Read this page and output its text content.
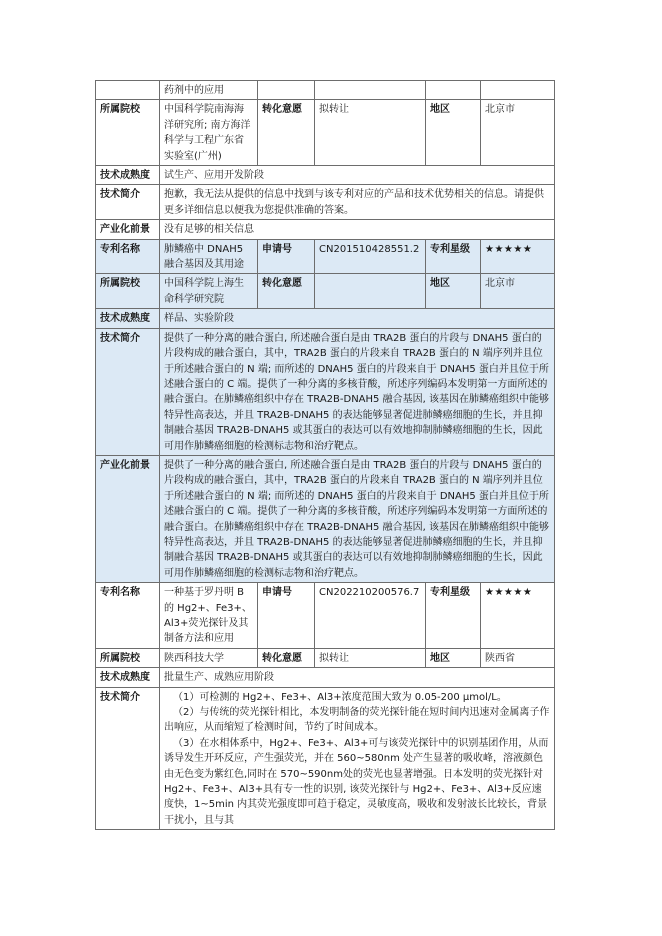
	药剂中的应用				
所属院校	中国科学院南海海洋研究所; 南方海洋科学与工程广东省实验室(广州)	转化意愿	拟转让	地区	北京市
技术成熟度	试生产、应用开发阶段				
技术简介	抱歉，我无法从提供的信息中找到与该专利对应的产品和技术优势相关的信息。请提供更多详细信息以便我为您提供准确的答案。				
产业化前景	没有足够的相关信息				
专利名称	肺鳞癌中 DNAH5 融合基因及其用途	申请号	CN201510428551.2	专利星级	★★★★★
所属院校	中国科学院上海生命科学研究院	转化意愿		地区	北京市
技术成熟度	样品、实验阶段				
技术简介	提供了一种分离的融合蛋白, 所述融合蛋白是由 TRA2B 蛋白的片段与 DNAH5 蛋白的片段构成的融合蛋白，其中，TRA2B 蛋白的片段来自 TRA2B 蛋白的 N 端序列并且位于所述融合蛋白的 N 端; 而所述的 DNAH5 蛋白的片段来自于 DNAH5 蛋白并且位于所述融合蛋白的 C 端。提供了一种分离的多核苷酸，所述序列编码本发明第一方面所述的融合蛋白。在肺鳞癌组织中存在 TRA2B-DNAH5 融合基因, 该基因在肺鳞癌组织中能够特异性高表达，并且 TRA2B-DNAH5 的表达能够显著促进肺鳞癌细胞的生长，并且抑制融合基因 TRA2B-DNAH5 或其蛋白的表达可以有效地抑制肺鳞癌细胞的生长，因此可用作肺鳞癌细胞的检测标志物和治疗靶点。				
产业化前景	提供了一种分离的融合蛋白, 所述融合蛋白是由 TRA2B 蛋白的片段与 DNAH5 蛋白的片段构成的融合蛋白，其中，TRA2B 蛋白的片段来自 TRA2B 蛋白的 N 端序列并且位于所述融合蛋白的 N 端; 而所述的 DNAH5 蛋白的片段来自于 DNAH5 蛋白并且位于所述融合蛋白的 C 端。提供了一种分离的多核苷酸，所述序列编码本发明第一方面所述的融合蛋白。在肺鳞癌组织中存在 TRA2B-DNAH5 融合基因, 该基因在肺鳞癌组织中能够特异性高表达，并且 TRA2B-DNAH5 的表达能够显著促进肺鳞癌细胞的生长，并且抑制融合基因 TRA2B-DNAH5 或其蛋白的表达可以有效地抑制肺鳞癌细胞的生长，因此可用作肺鳞癌细胞的检测标志物和治疗靶点。				
专利名称	一种基于罗丹明 B 的 Hg2+、Fe3+、Al3+荧光探针及其制备方法和应用	申请号	CN202210200576.7	专利星级	★★★★★
所属院校	陕西科技大学	转化意愿	拟转让	地区	陕西省
技术成熟度	批量生产、成熟应用阶段				
技术简介	（1）可检测的 Hg2+、Fe3+、Al3+浓度范围大致为 0.05-200 μmol/L。

（2）与传统的荧光探针相比，本发明制备的荧光探针能在短时间内迅速对金属离子作出响应，从而缩短了检测时间，节约了时间成本。

（3）在水相体系中，Hg2+、Fe3+、Al3+可与该荧光探针中的识别基团作用，从而诱导发生开环反应，产生强荧光，并在 560~580nm 处产生显著的吸收峰，溶液颜色由无色变为紫红色,同时在 570~590nm处的荧光也显著增强。日本发明的荧光探针对 Hg2+、Fe3+、Al3+具有专一性的识别, 该荧光探针与 Hg2+、Fe3+、Al3+反应速度快，1~5min 内其荧光强度即可趋于稳定，灵敏度高，吸收和发射波长比较长，背景干扰小，且与其				
